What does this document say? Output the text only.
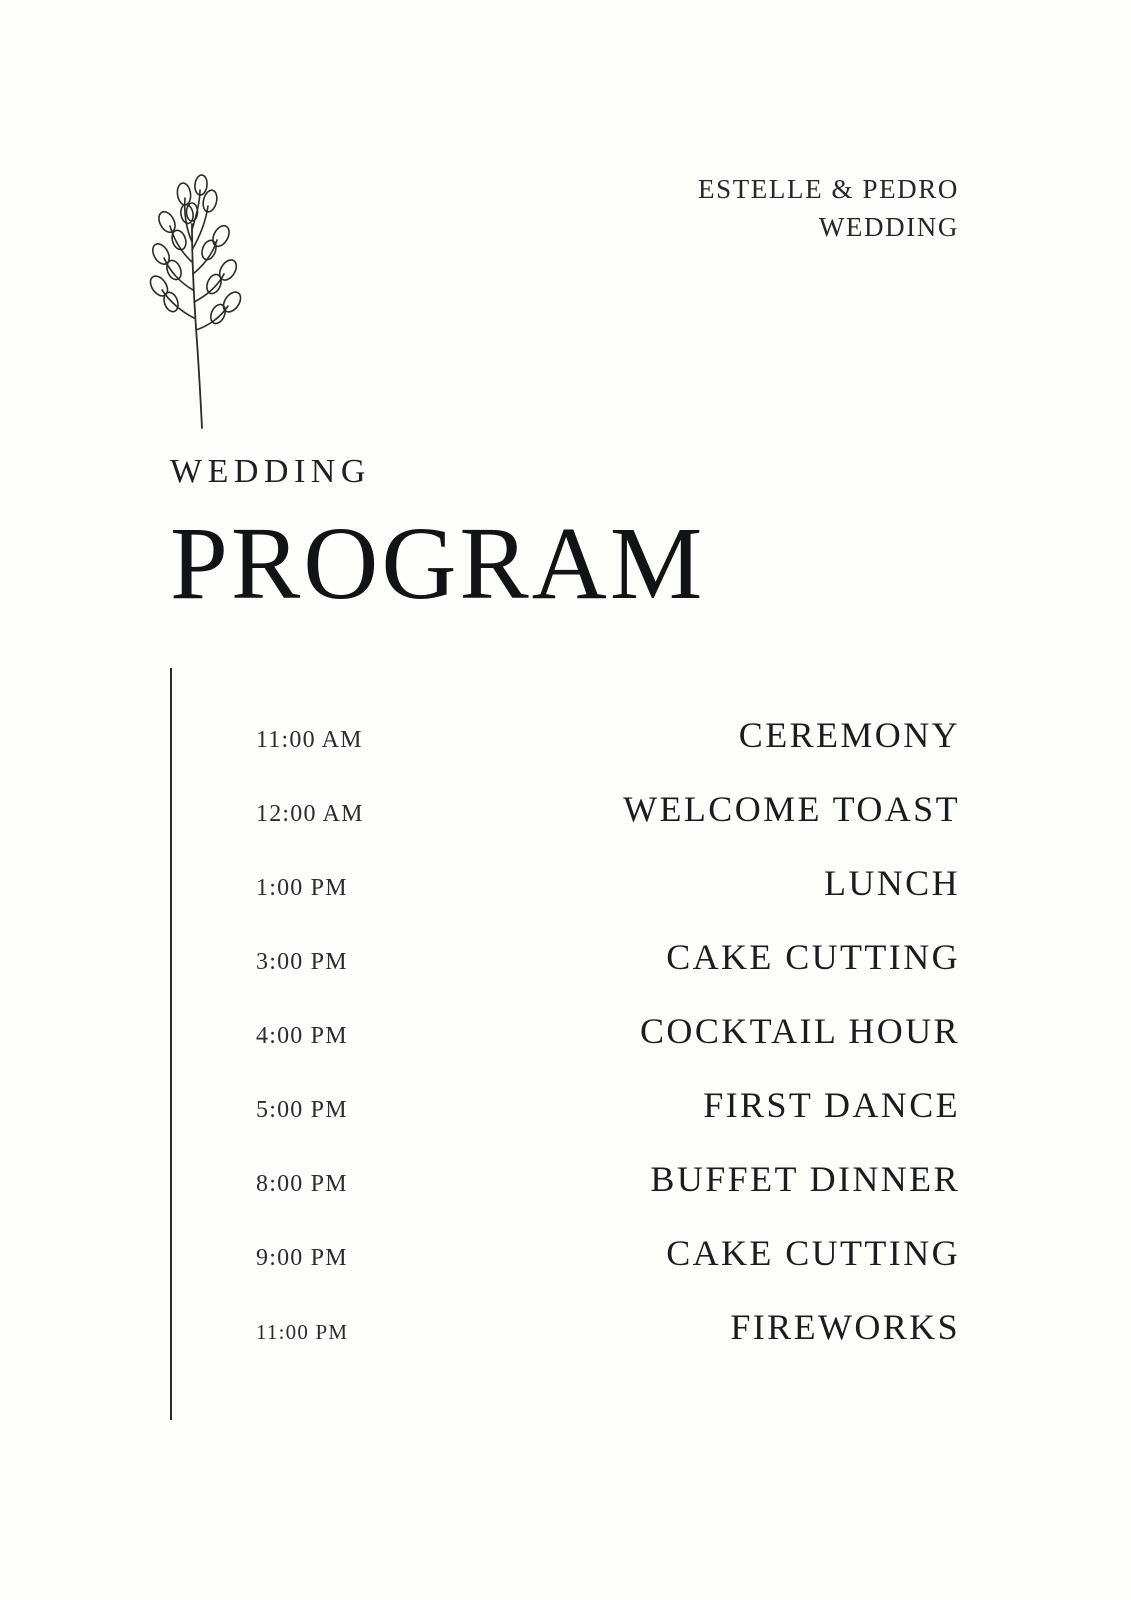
ESTELLE & PEDRO
WEDDING
WEDDING
PROGRAM
11:00 AM	CEREMONY
12:00 AM	WELCOME TOAST
1:00 PM	LUNCH
3:00 PM	CAKE CUTTING
4:00 PM	COCKTAIL HOUR
5:00 PM	FIRST DANCE
8:00 PM	BUFFET DINNER
9:00 PM	CAKE CUTTING
11:00 PM	FIREWORKS
